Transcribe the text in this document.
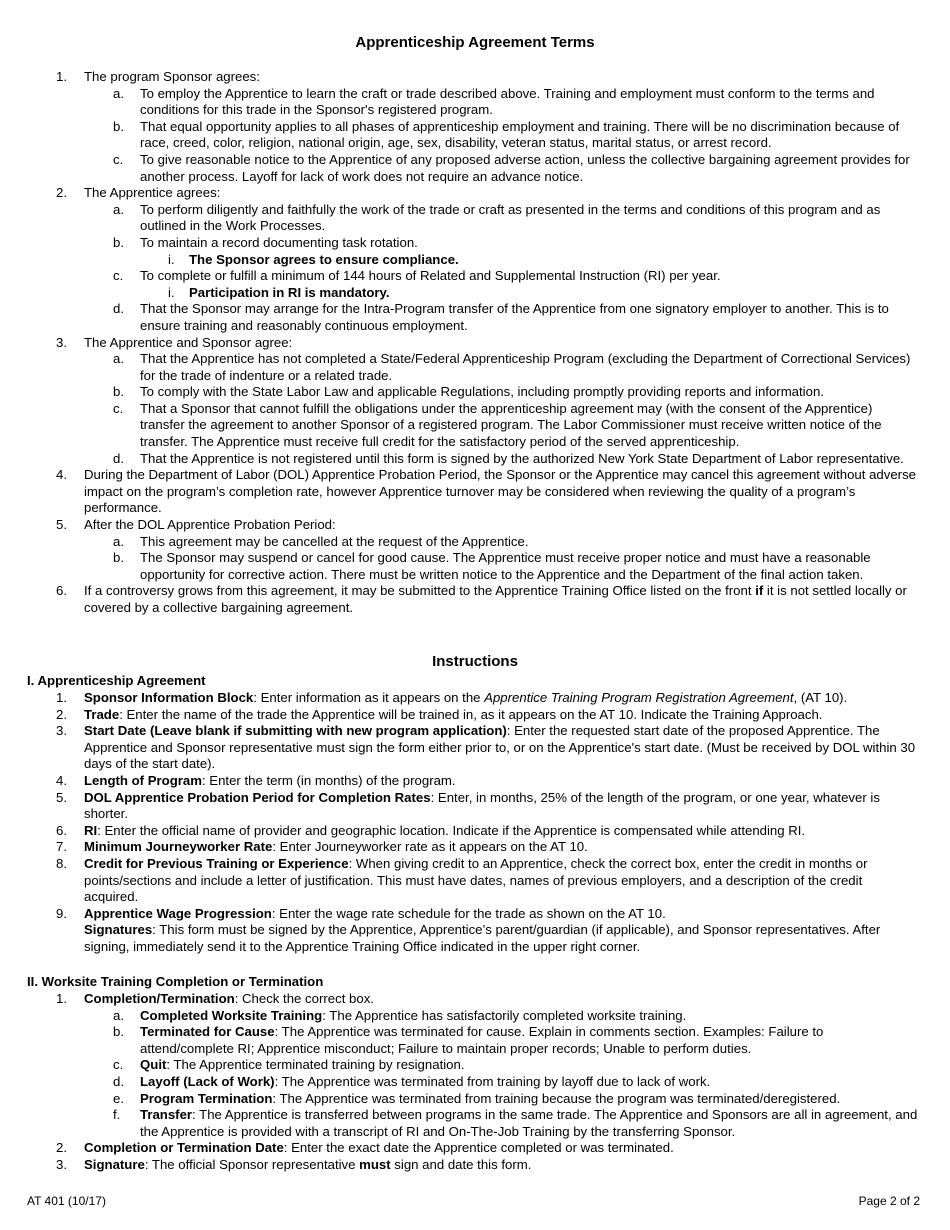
Apprenticeship Agreement Terms
1.	The program Sponsor agrees:
a. To employ the Apprentice to learn the craft or trade described above. Training and employment must conform to the terms and conditions for this trade in the Sponsor's registered program.
b. That equal opportunity applies to all phases of apprenticeship employment and training. There will be no discrimination because of race, creed, color, religion, national origin, age, sex, disability, veteran status, marital status, or arrest record.
c. To give reasonable notice to the Apprentice of any proposed adverse action, unless the collective bargaining agreement provides for another process. Layoff for lack of work does not require an advance notice.
2.	The Apprentice agrees:
a. To perform diligently and faithfully the work of the trade or craft as presented in the terms and conditions of this program and as outlined in the Work Processes.
b. To maintain a record documenting task rotation.
i. The Sponsor agrees to ensure compliance.
c. To complete or fulfill a minimum of 144 hours of Related and Supplemental Instruction (RI) per year.
i. Participation in RI is mandatory.
d. That the Sponsor may arrange for the Intra-Program transfer of the Apprentice from one signatory employer to another. This is to ensure training and reasonably continuous employment.
3.	The Apprentice and Sponsor agree:
a. That the Apprentice has not completed a State/Federal Apprenticeship Program (excluding the Department of Correctional Services) for the trade of indenture or a related trade.
b. To comply with the State Labor Law and applicable Regulations, including promptly providing reports and information.
c. That a Sponsor that cannot fulfill the obligations under the apprenticeship agreement may (with the consent of the Apprentice) transfer the agreement to another Sponsor of a registered program. The Labor Commissioner must receive written notice of the transfer. The Apprentice must receive full credit for the satisfactory period of the served apprenticeship.
d. That the Apprentice is not registered until this form is signed by the authorized New York State Department of Labor representative.
4.	During the Department of Labor (DOL) Apprentice Probation Period, the Sponsor or the Apprentice may cancel this agreement without adverse impact on the program’s completion rate, however Apprentice turnover may be considered when reviewing the quality of a program’s performance.
5.	After the DOL Apprentice Probation Period:
a. This agreement may be cancelled at the request of the Apprentice.
b. The Sponsor may suspend or cancel for good cause. The Apprentice must receive proper notice and must have a reasonable opportunity for corrective action. There must be written notice to the Apprentice and the Department of the final action taken.
6.	If a controversy grows from this agreement, it may be submitted to the Apprentice Training Office listed on the front if it is not settled locally or covered by a collective bargaining agreement.
Instructions
I. Apprenticeship Agreement
1.	Sponsor Information Block: Enter information as it appears on the Apprentice Training Program Registration Agreement, (AT 10).
2.	Trade: Enter the name of the trade the Apprentice will be trained in, as it appears on the AT 10. Indicate the Training Approach.
3.	Start Date (Leave blank if submitting with new program application): Enter the requested start date of the proposed Apprentice. The Apprentice and Sponsor representative must sign the form either prior to, or on the Apprentice's start date. (Must be received by DOL within 30 days of the start date).
4.	Length of Program: Enter the term (in months) of the program.
5.	DOL Apprentice Probation Period for Completion Rates: Enter, in months, 25% of the length of the program, or one year, whatever is shorter.
6.	RI: Enter the official name of provider and geographic location. Indicate if the Apprentice is compensated while attending RI.
7.	Minimum Journeyworker Rate: Enter Journeyworker rate as it appears on the AT 10.
8.	Credit for Previous Training or Experience: When giving credit to an Apprentice, check the correct box, enter the credit in months or points/sections and include a letter of justification. This must have dates, names of previous employers, and a description of the credit acquired.
9.	Apprentice Wage Progression: Enter the wage rate schedule for the trade as shown on the AT 10.
Signatures: This form must be signed by the Apprentice, Apprentice’s parent/guardian (if applicable), and Sponsor representatives. After signing, immediately send it to the Apprentice Training Office indicated in the upper right corner.
II. Worksite Training Completion or Termination
1.	Completion/Termination: Check the correct box.
a. Completed Worksite Training: The Apprentice has satisfactorily completed worksite training.
b. Terminated for Cause: The Apprentice was terminated for cause. Explain in comments section. Examples: Failure to attend/complete RI; Apprentice misconduct; Failure to maintain proper records; Unable to perform duties.
c. Quit: The Apprentice terminated training by resignation.
d. Layoff (Lack of Work): The Apprentice was terminated from training by layoff due to lack of work.
e. Program Termination: The Apprentice was terminated from training because the program was terminated/deregistered.
f. Transfer: The Apprentice is transferred between programs in the same trade. The Apprentice and Sponsors are all in agreement, and the Apprentice is provided with a transcript of RI and On-The-Job Training by the transferring Sponsor.
2.	Completion or Termination Date: Enter the exact date the Apprentice completed or was terminated.
3.	Signature: The official Sponsor representative must sign and date this form.
AT 401 (10/17)	Page 2 of 2
